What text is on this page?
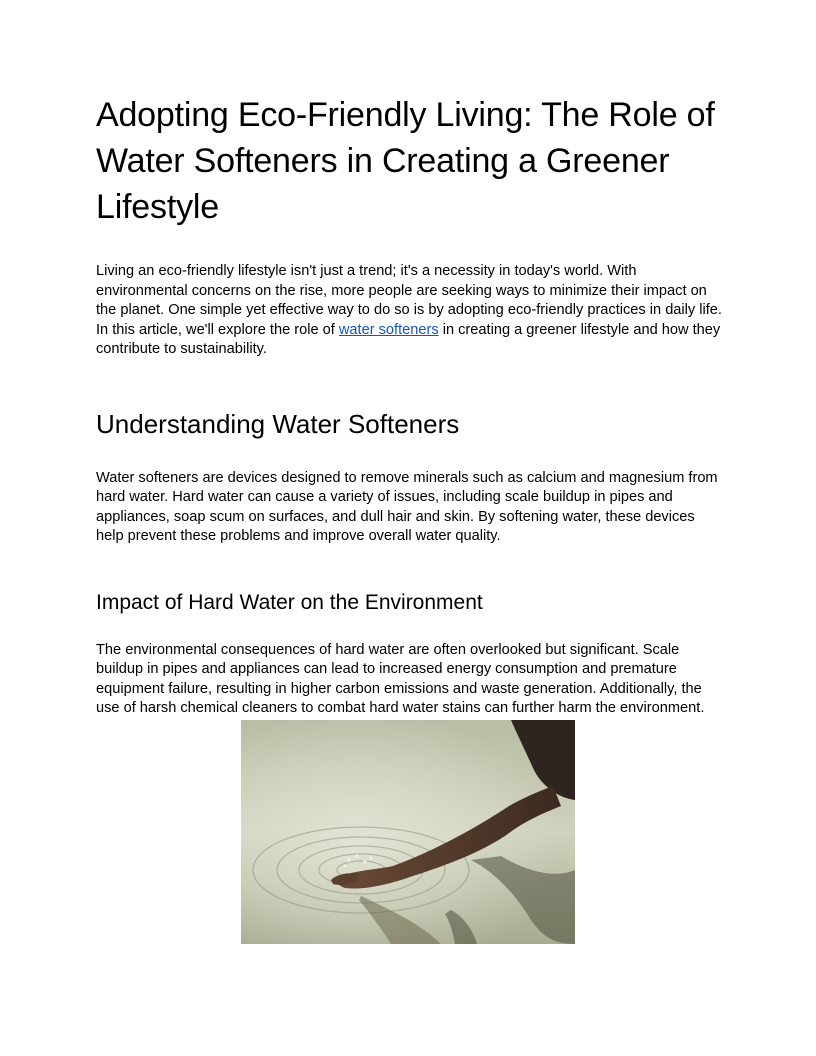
Adopting Eco-Friendly Living: The Role of Water Softeners in Creating a Greener Lifestyle

Living an eco-friendly lifestyle isn't just a trend; it's a necessity in today's world. With environmental concerns on the rise, more people are seeking ways to minimize their impact on the planet. One simple yet effective way to do so is by adopting eco-friendly practices in daily life. In this article, we'll explore the role of water softeners in creating a greener lifestyle and how they contribute to sustainability.

Understanding Water Softeners

Water softeners are devices designed to remove minerals such as calcium and magnesium from hard water. Hard water can cause a variety of issues, including scale buildup in pipes and appliances, soap scum on surfaces, and dull hair and skin. By softening water, these devices help prevent these problems and improve overall water quality.

Impact of Hard Water on the Environment

The environmental consequences of hard water are often overlooked but significant. Scale buildup in pipes and appliances can lead to increased energy consumption and premature equipment failure, resulting in higher carbon emissions and waste generation. Additionally, the use of harsh chemical cleaners to combat hard water stains can further harm the environment.
